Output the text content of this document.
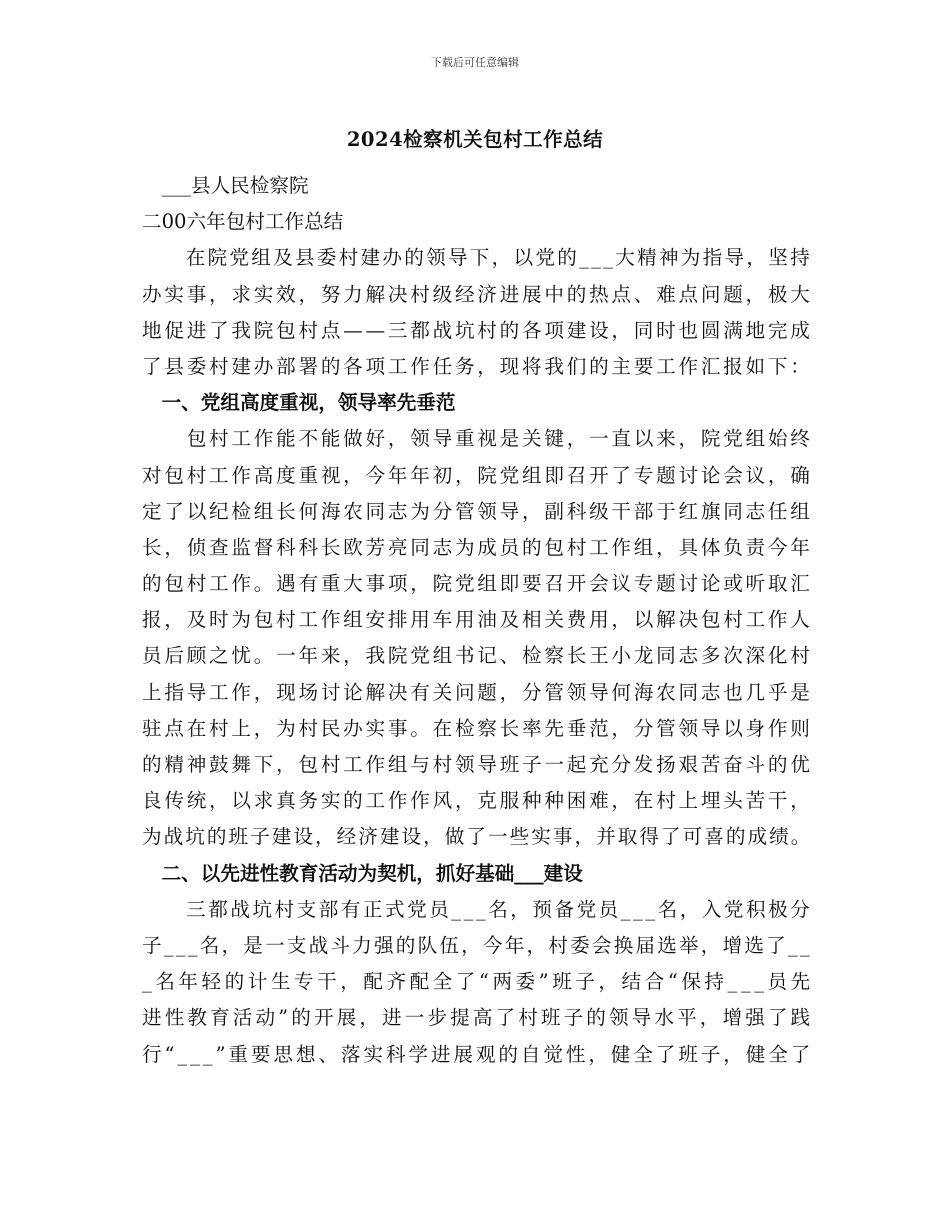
下载后可任意编辑
2024检察机关包村工作总结
　___县人民检察院
二00六年包村工作总结
　　在院党组及县委村建办的领导下，以党的___大精神为指导，坚持
办实事，求实效，努力解决村级经济进展中的热点、难点问题，极大
地促进了我院包村点——三都战坑村的各项建设，同时也圆满地完成
了县委村建办部署的各项工作任务，现将我们的主要工作汇报如下：
　一、党组高度重视，领导率先垂范
　　包村工作能不能做好，领导重视是关键，一直以来，院党组始终
对包村工作高度重视，今年年初，院党组即召开了专题讨论会议，确
定了以纪检组长何海农同志为分管领导，副科级干部于红旗同志任组
长，侦查监督科科长欧芳亮同志为成员的包村工作组，具体负责今年
的包村工作。遇有重大事项，院党组即要召开会议专题讨论或听取汇
报，及时为包村工作组安排用车用油及相关费用，以解决包村工作人
员后顾之忧。一年来，我院党组书记、检察长王小龙同志多次深化村
上指导工作，现场讨论解决有关问题，分管领导何海农同志也几乎是
驻点在村上，为村民办实事。在检察长率先垂范，分管领导以身作则
的精神鼓舞下，包村工作组与村领导班子一起充分发扬艰苦奋斗的优
良传统，以求真务实的工作作风，克服种种困难，在村上埋头苦干，
为战坑的班子建设，经济建设，做了一些实事，并取得了可喜的成绩。
　二、以先进性教育活动为契机，抓好基础___建设
　　三都战坑村支部有正式党员___名，预备党员___名，入党积极分
子___名，是一支战斗力强的队伍，今年，村委会换届选举，增选了__
_名年轻的计生专干，配齐配全了“两委”班子，结合“保持___员先
进性教育活动”的开展，进一步提高了村班子的领导水平，增强了践
行“___”重要思想、落实科学进展观的自觉性，健全了班子，健全了
